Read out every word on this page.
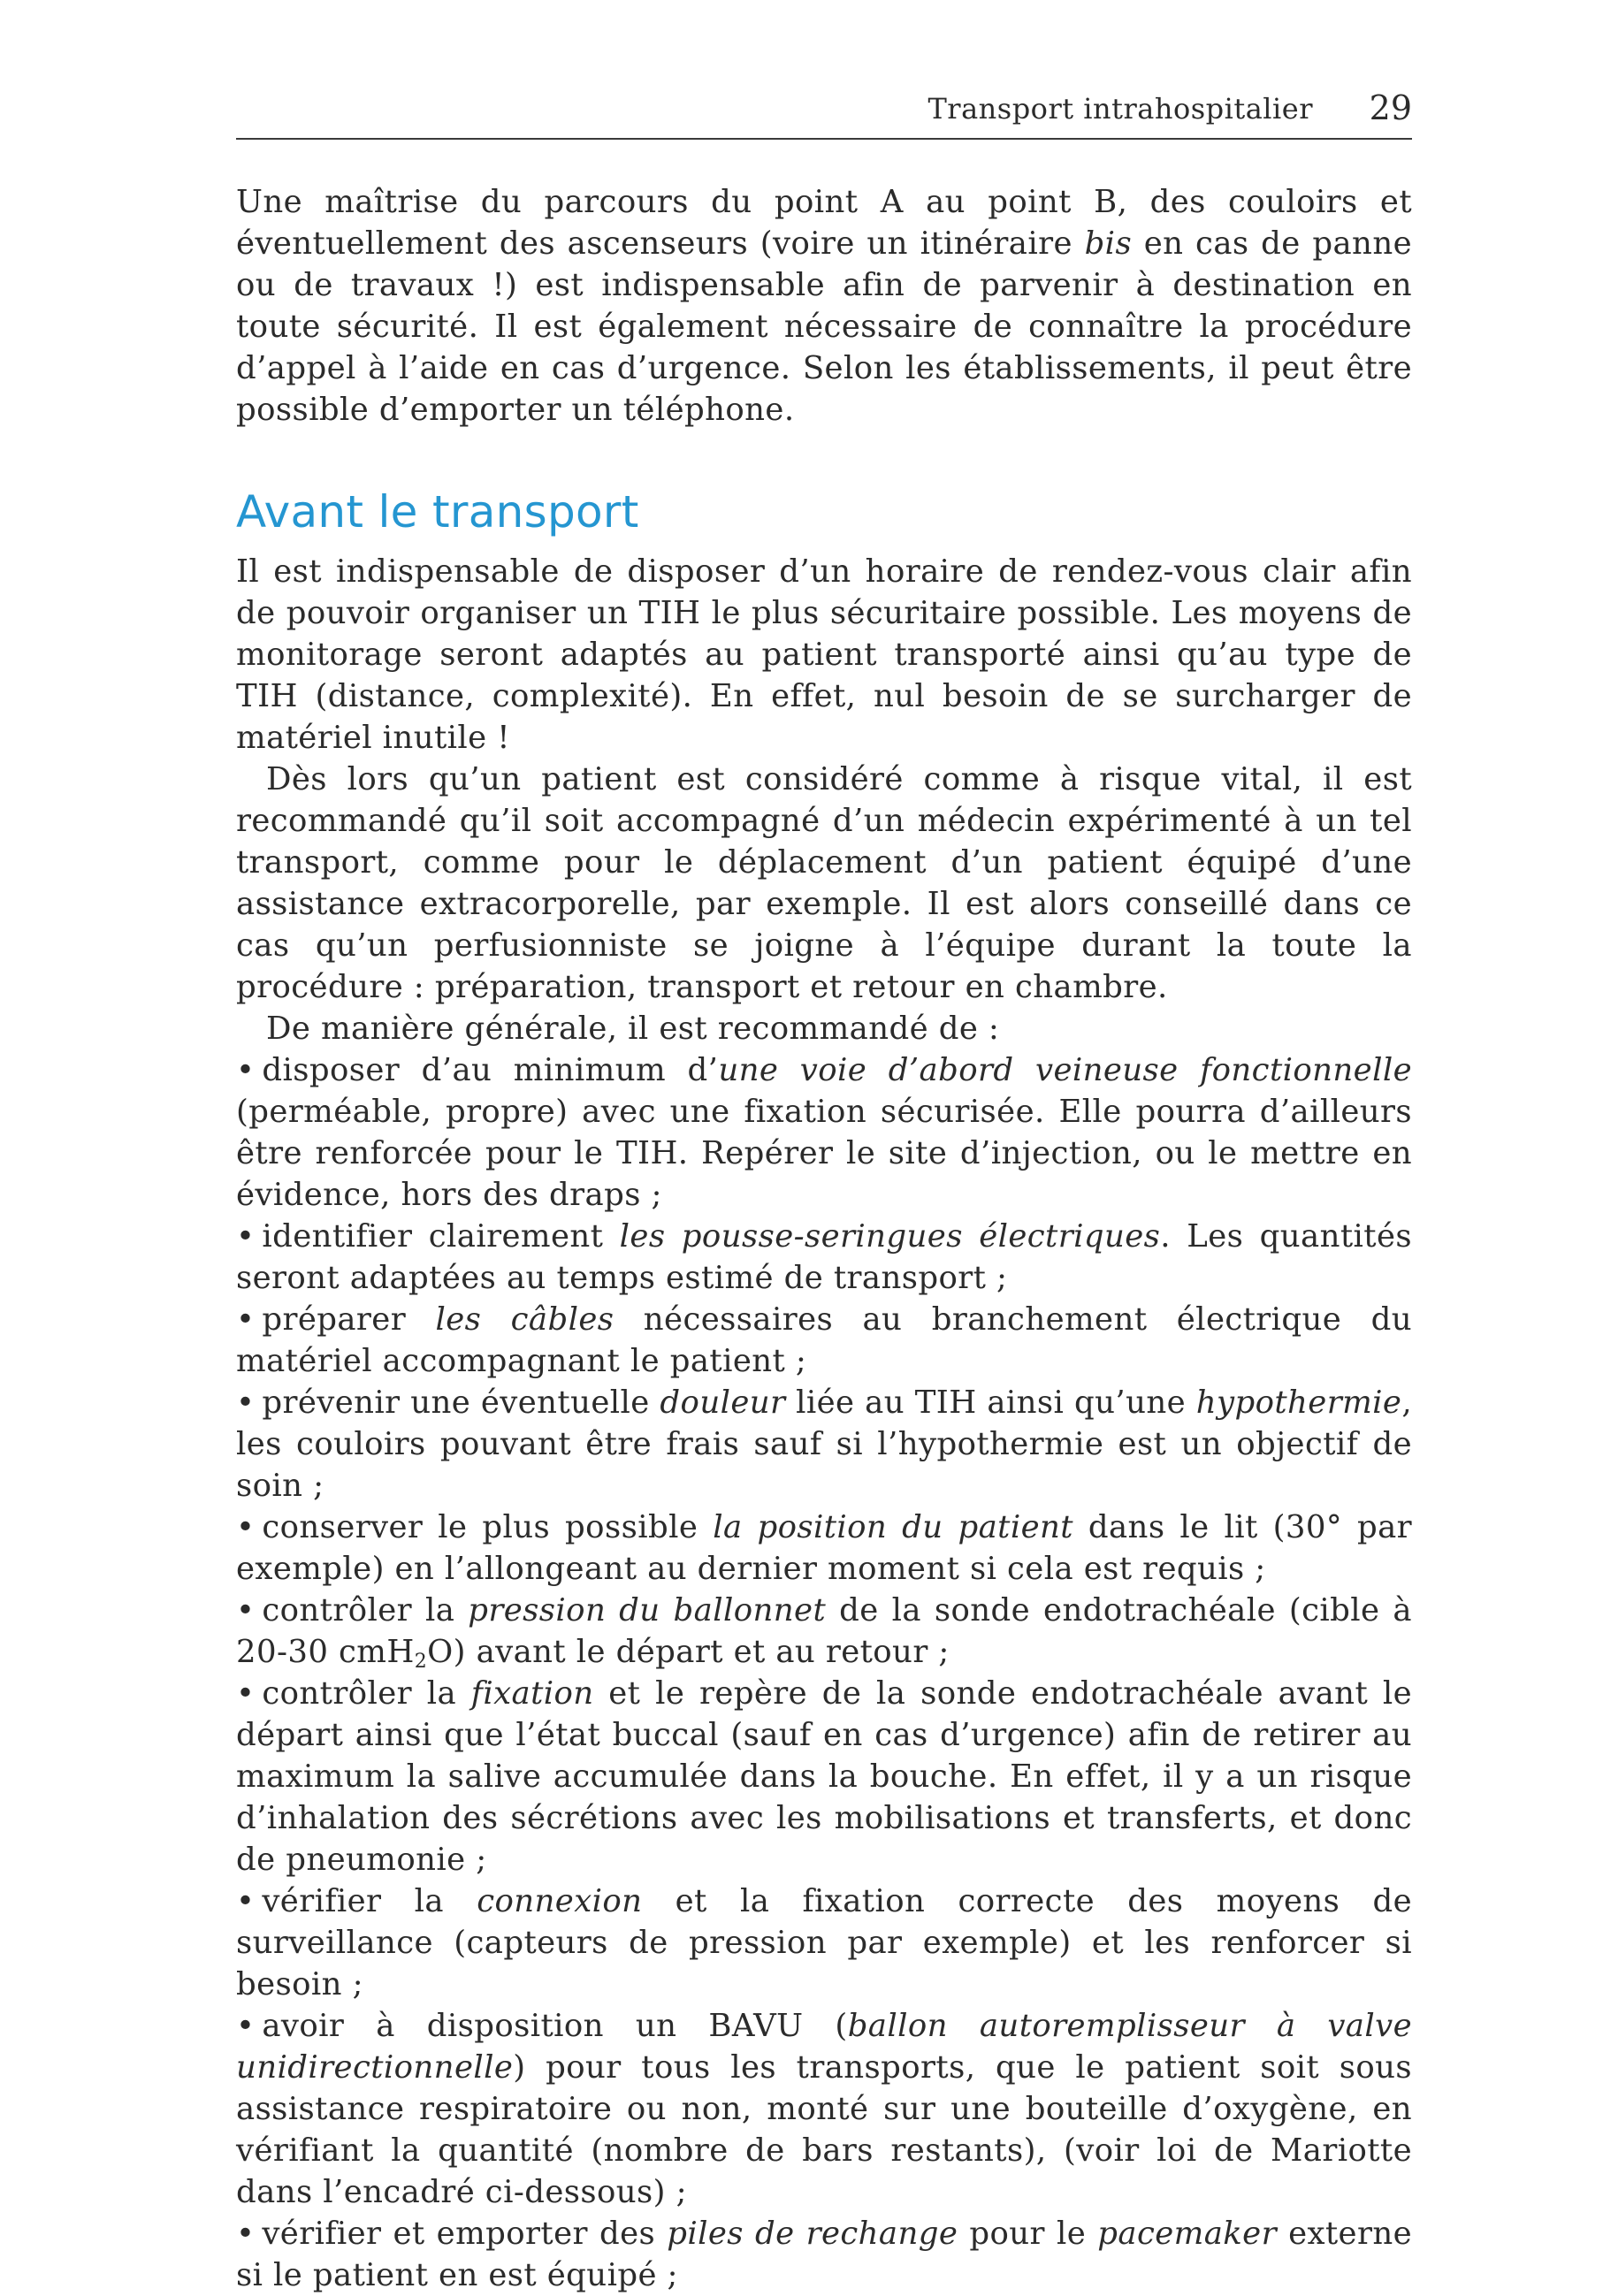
Transport intrahospitalier 29

Une maîtrise du parcours du point A au point B, des couloirs et éventuellement des ascenseurs (voire un itinéraire bis en cas de panne ou de travaux !) est indispensable afin de parvenir à destination en toute sécurité. Il est également nécessaire de connaître la procédure d’appel à l’aide en cas d’urgence. Selon les établissements, il peut être possible d’emporter un téléphone.

Avant le transport

Il est indispensable de disposer d’un horaire de rendez-vous clair afin de pouvoir organiser un TIH le plus sécuritaire possible. Les moyens de monitorage seront adaptés au patient transporté ainsi qu’au type de TIH (distance, complexité). En effet, nul besoin de se surcharger de matériel inutile !

Dès lors qu’un patient est considéré comme à risque vital, il est recommandé qu’il soit accompagné d’un médecin expérimenté à un tel transport, comme pour le déplacement d’un patient équipé d’une assistance extracorporelle, par exemple. Il est alors conseillé dans ce cas qu’un perfusionniste se joigne à l’équipe durant la toute la procédure : préparation, transport et retour en chambre.

De manière générale, il est recommandé de :

• disposer d’au minimum d’une voie d’abord veineuse fonctionnelle (perméable, propre) avec une fixation sécurisée. Elle pourra d’ailleurs être renforcée pour le TIH. Repérer le site d’injection, ou le mettre en évidence, hors des draps ;
• identifier clairement les pousse-seringues électriques. Les quantités seront adaptées au temps estimé de transport ;
• préparer les câbles nécessaires au branchement électrique du matériel accompagnant le patient ;
• prévenir une éventuelle douleur liée au TIH ainsi qu’une hypothermie, les couloirs pouvant être frais sauf si l’hypothermie est un objectif de soin ;
• conserver le plus possible la position du patient dans le lit (30° par exemple) en l’allongeant au dernier moment si cela est requis ;
• contrôler la pression du ballonnet de la sonde endotrachéale (cible à 20-30 cmH$_2$O) avant le départ et au retour ;
• contrôler la fixation et le repère de la sonde endotrachéale avant le départ ainsi que l’état buccal (sauf en cas d’urgence) afin de retirer au maximum la salive accumulée dans la bouche. En effet, il y a un risque d’inhalation des sécrétions avec les mobilisations et transferts, et donc de pneumonie ;
• vérifier la connexion et la fixation correcte des moyens de surveillance (capteurs de pression par exemple) et les renforcer si besoin ;
• avoir à disposition un BAVU (ballon autoremplisseur à valve unidirectionnelle) pour tous les transports, que le patient soit sous assistance respiratoire ou non, monté sur une bouteille d’oxygène, en vérifiant la quantité (nombre de bars restants), (voir loi de Mariotte dans l’encadré ci-dessous) ;
• vérifier et emporter des piles de rechange pour le pacemaker externe si le patient en est équipé ;
